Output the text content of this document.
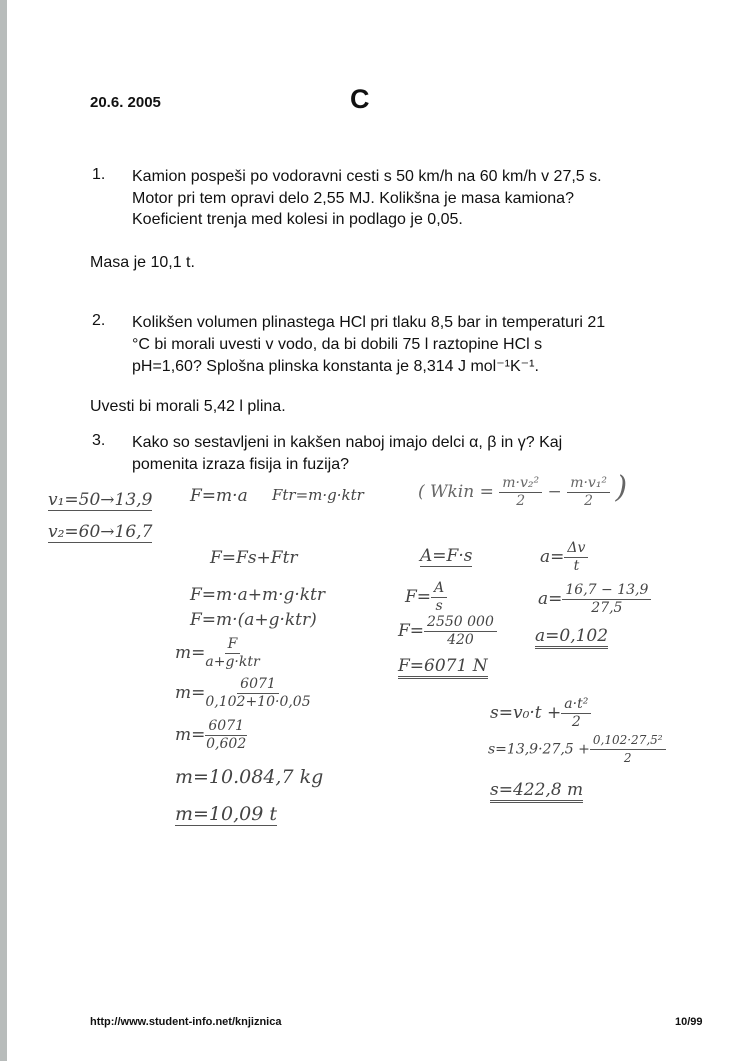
20.6. 2005	C
1. Kamion pospeši po vodoravni cesti s 50 km/h na 60 km/h v 27,5 s.
Motor pri tem opravi delo 2,55 MJ. Kolikšna je masa kamiona?
Koeficient trenja med kolesi in podlago je 0,05.
Masa je 10,1 t.
2. Kolikšen volumen plinastega HCl pri tlaku 8,5 bar in temperaturi 21
°C bi morali uvesti v vodo, da bi dobili 75 l raztopine HCl s
pH=1,60? Splošna plinska konstanta je 8,314 J mol⁻¹K⁻¹.
Uvesti bi morali 5,42 l plina.
3. Kako so sestavljeni in kakšen naboj imajo delci α, β in γ? Kaj
pomenita izraza fisija in fuzija?
v₁=50→13,9
v₂=60→16,7
F=m·a Ftr=m·g·ktr
F=Fs+Ftr
F=m·a+m·g·ktr
F=m·(a+g·ktr)
$m= \frac{F}{\text{a+g·ktr}}$
$m= \frac{6071}{0,102+10\cdot 0,05}$
$m= \frac{6071}{0,602}$
m=10.084,7 kg
m=10,09 t
( Wkin = $\frac{\text{m·v₂²}}{2} - \frac{\text{m·v₁²}}{2}$ )
A=F·s
$F= \frac{A}{s}$
$F= \frac{2550 000}{420}$
F=6071 N
$a= \frac{\Delta v}{t}$
$a= \frac{16,7 - 13,9}{27,5}$
a=0,102
$s=v_0\cdot t + \frac{\text{a·t²}}{2}$
$s=13,9\cdot 27,5 + \frac{\text{0,102·27,5²}}{2}$
s=422,8 m
http://www.student-info.net/knjiznica	10/99
